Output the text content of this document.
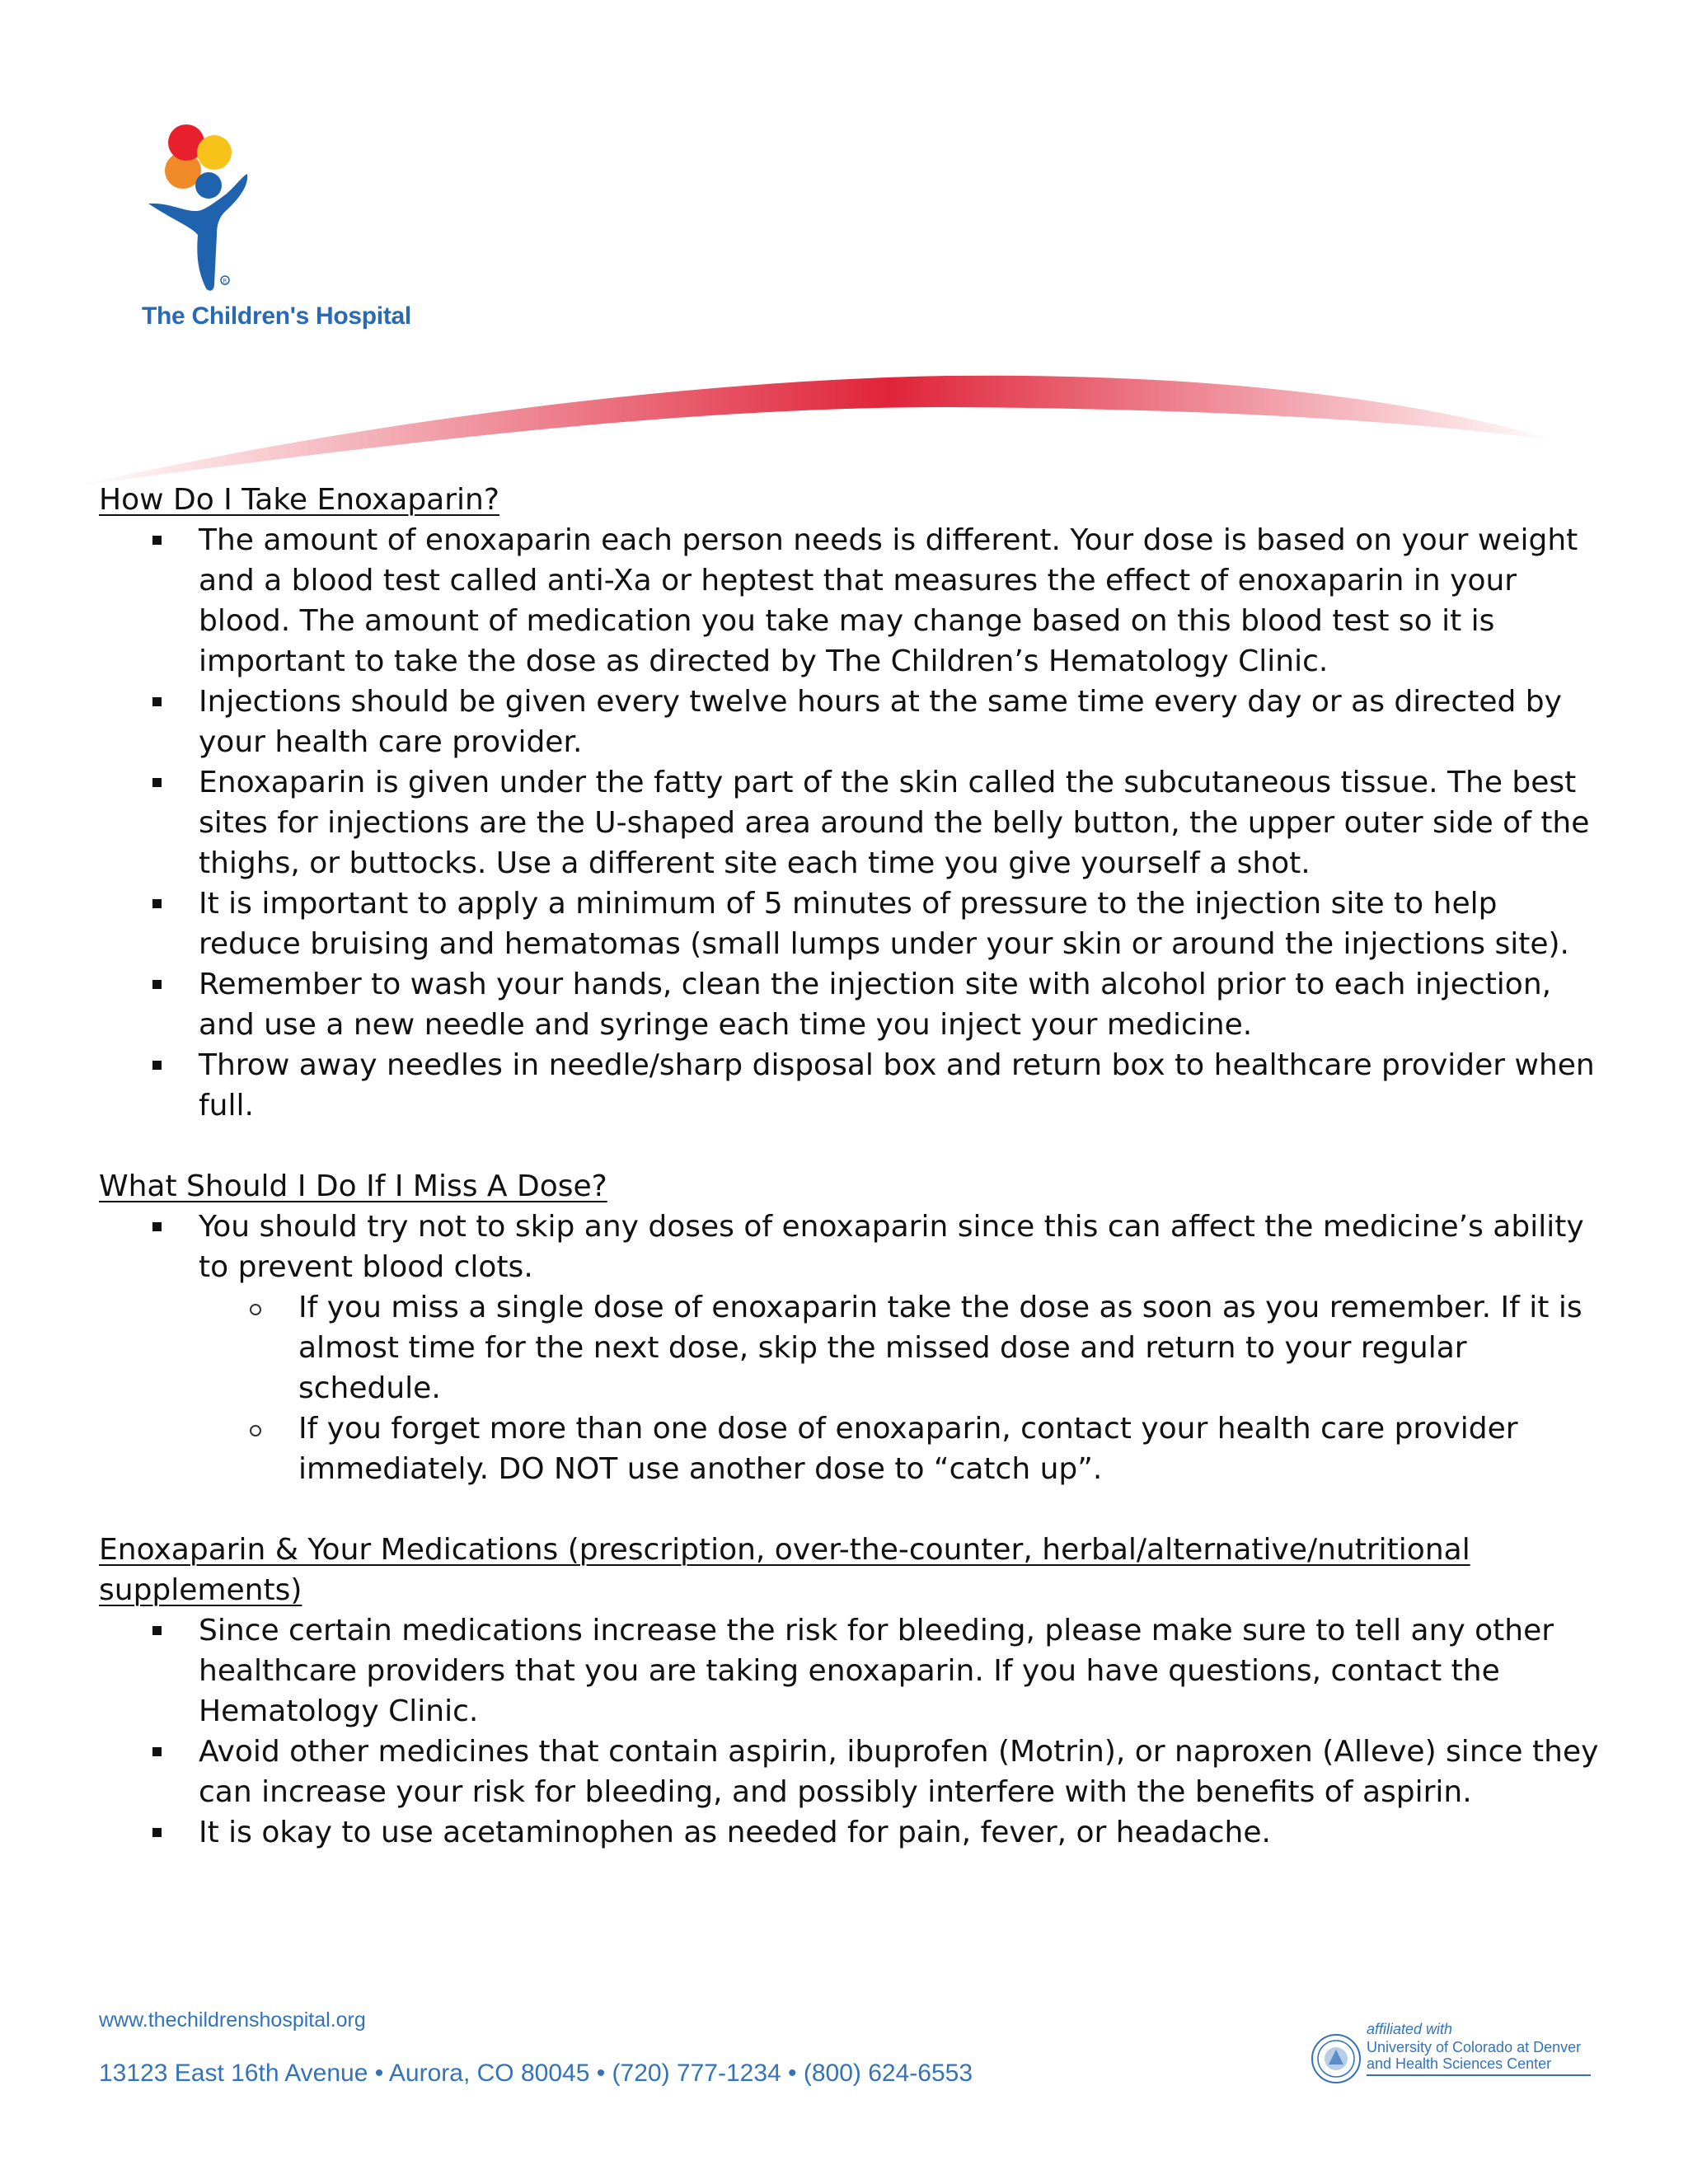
R
The Children's Hospital

How Do I Take Enoxaparin?

The amount of enoxaparin each person needs is different. Your dose is based on your weight and a blood test called anti-Xa or heptest that measures the effect of enoxaparin in your blood. The amount of medication you take may change based on this blood test so it is important to take the dose as directed by The Children’s Hematology Clinic.
Injections should be given every twelve hours at the same time every day or as directed by your health care provider.
Enoxaparin is given under the fatty part of the skin called the subcutaneous tissue. The best sites for injections are the U-shaped area around the belly button, the upper outer side of the thighs, or buttocks. Use a different site each time you give yourself a shot.
It is important to apply a minimum of 5 minutes of pressure to the injection site to help reduce bruising and hematomas (small lumps under your skin or around the injections site).
Remember to wash your hands, clean the injection site with alcohol prior to each injection, and use a new needle and syringe each time you inject your medicine.
Throw away needles in needle/sharp disposal box and return box to healthcare provider when full.

What Should I Do If I Miss A Dose?

You should try not to skip any doses of enoxaparin since this can affect the medicine’s ability to prevent blood clots.
If you miss a single dose of enoxaparin take the dose as soon as you remember. If it is almost time for the next dose, skip the missed dose and return to your regular schedule.
If you forget more than one dose of enoxaparin, contact your health care provider immediately. DO NOT use another dose to “catch up”.

Enoxaparin & Your Medications (prescription, over-the-counter, herbal/alternative/nutritional supplements)

Since certain medications increase the risk for bleeding, please make sure to tell any other healthcare providers that you are taking enoxaparin. If you have questions, contact the Hematology Clinic.
Avoid other medicines that contain aspirin, ibuprofen (Motrin), or naproxen (Alleve) since they can increase your risk for bleeding, and possibly interfere with the benefits of aspirin.
It is okay to use acetaminophen as needed for pain, fever, or headache.
www.thechildrenshospital.org
13123 East 16th Avenue • Aurora, CO 80045 • (720) 777-1234 • (800) 624-6553
affiliated with
University of Colorado at Denver
and Health Sciences Center
